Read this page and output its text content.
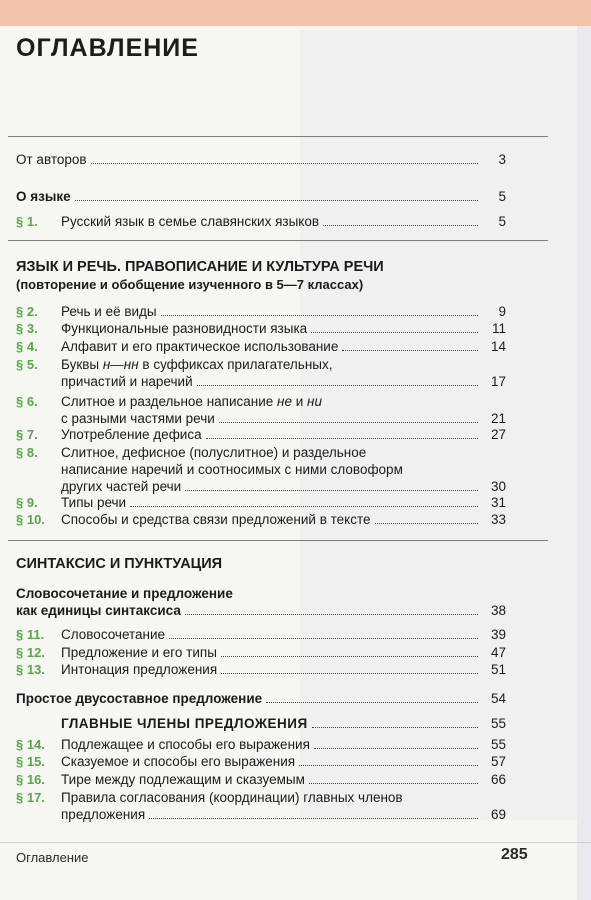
ОГЛАВЛЕНИЕ
От авторов	3
О языке	5
§ 1. Русский язык в семье славянских языков	5
ЯЗЫК И РЕЧЬ. ПРАВОПИСАНИЕ И КУЛЬТУРА РЕЧИ
(повторение и обобщение изученного в 5—7 классах)
§ 2. Речь и её виды	9
§ 3. Функциональные разновидности языка	11
§ 4. Алфавит и его практическое использование	14
§ 5. Буквы н—нн в суффиксах прилагательных,
причастий и наречий	17
§ 6. Слитное и раздельное написание не и ни
с разными частями речи	21
§ 7. Употребление дефиса	27
§ 8. Слитное, дефисное (полуслитное) и раздельное
написание наречий и соотносимых с ними словоформ
других частей речи	30
§ 9. Типы речи	31
§ 10. Способы и средства связи предложений в тексте	33
СИНТАКСИС И ПУНКТУАЦИЯ
Словосочетание и предложение
как единицы синтаксиса	38
§ 11. Словосочетание	39
§ 12. Предложение и его типы	47
§ 13. Интонация предложения	51
Простое двусоставное предложение	54
ГЛАВНЫЕ ЧЛЕНЫ ПРЕДЛОЖЕНИЯ	55
§ 14. Подлежащее и способы его выражения	55
§ 15. Сказуемое и способы его выражения	57
§ 16. Тире между подлежащим и сказуемым	66
§ 17. Правила согласования (координации) главных членов
предложения	69
Оглавление	285
